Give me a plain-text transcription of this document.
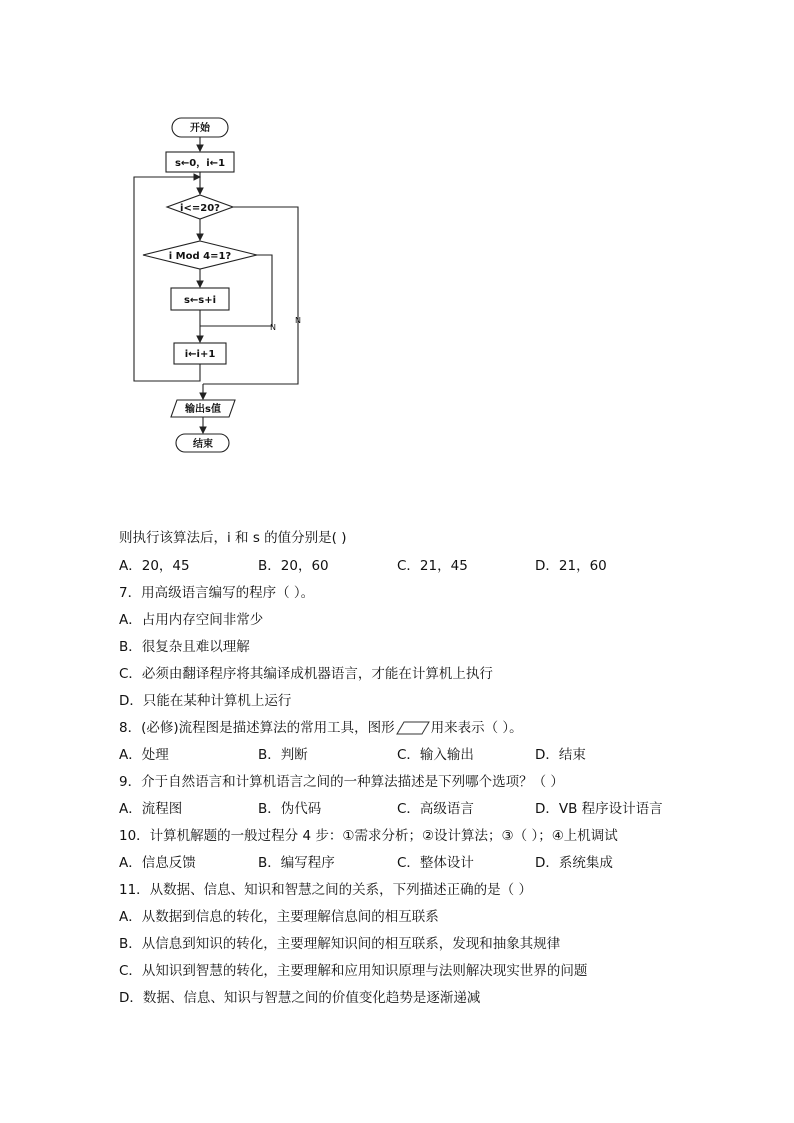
开始
s←0，i←1
i<=20?
i Mod 4=1?
s←s+i
i←i+1
输出s值
结束
N
N
则执行该算法后，i 和 s 的值分别是( )
A．20，45	B．20，60	C．21，45	D．21，60
7．用高级语言编写的程序（ ）。
A．占用内存空间非常少
B．很复杂且难以理解
C．必须由翻译程序将其编译成机器语言，才能在计算机上执行
D．只能在某种计算机上运行
8．(必修)流程图是描述算法的常用工具，图形	用来表示（ ）。
A．处理	B．判断	C．输入输出	D．结束
9．介于自然语言和计算机语言之间的一种算法描述是下列哪个选项？（ ）
A．流程图	B．伪代码	C．高级语言	D．VB 程序设计语言
10．计算机解题的一般过程分 4 步：①需求分析；②设计算法；③（ ）；④上机调试
A．信息反馈	B．编写程序	C．整体设计	D．系统集成
11．从数据、信息、知识和智慧之间的关系，下列描述正确的是（ ）
A．从数据到信息的转化，主要理解信息间的相互联系
B．从信息到知识的转化，主要理解知识间的相互联系，发现和抽象其规律
C．从知识到智慧的转化，主要理解和应用知识原理与法则解决现实世界的问题
D．数据、信息、知识与智慧之间的价值变化趋势是逐渐递减
